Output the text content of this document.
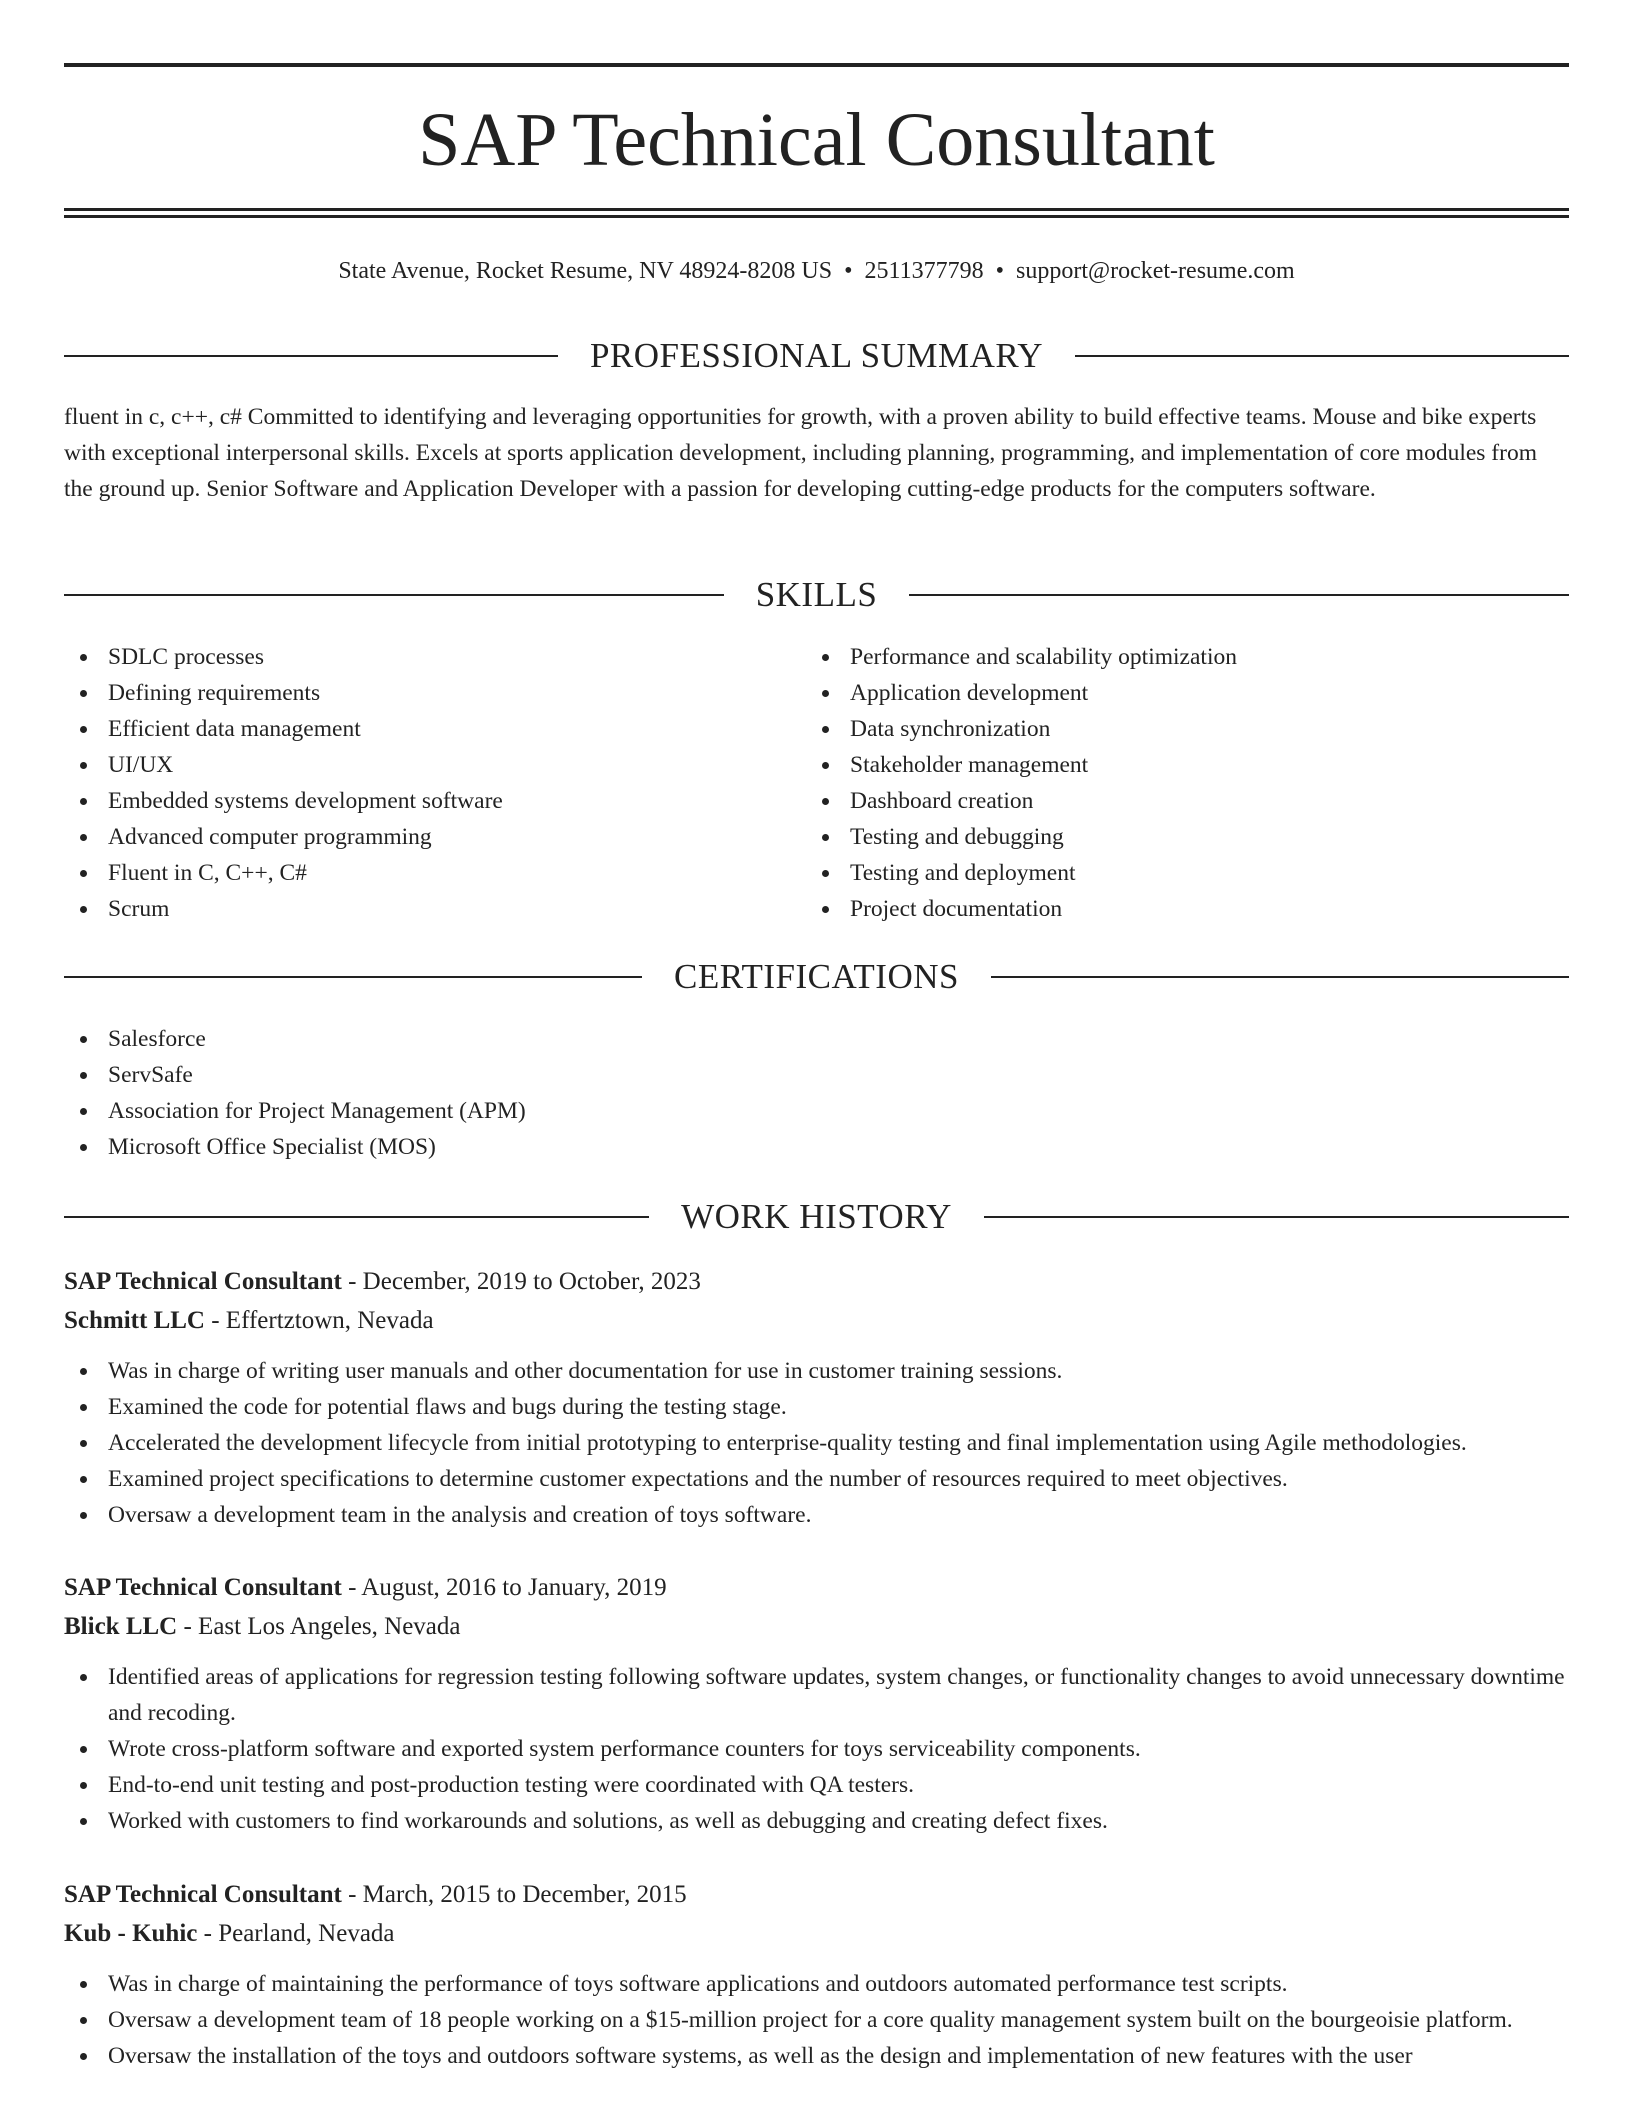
SAP Technical Consultant
State Avenue, Rocket Resume, NV 48924-8208 US • 2511377798 • support@rocket-resume.com
PROFESSIONAL SUMMARY

fluent in c, c++, c# Committed to identifying and leveraging opportunities for growth, with a proven ability to build effective teams. Mouse and bike experts with exceptional interpersonal skills. Excels at sports application development, including planning, programming, and implementation of core modules from the ground up. Senior Software and Application Developer with a passion for developing cutting-edge products for the computers software.

SKILLS
SDLC processes
Defining requirements
Efficient data management
UI/UX
Embedded systems development software
Advanced computer programming
Fluent in C, C++, C#
Scrum
Performance and scalability optimization
Application development
Data synchronization
Stakeholder management
Dashboard creation
Testing and debugging
Testing and deployment
Project documentation
CERTIFICATIONS
Salesforce
ServSafe
Association for Project Management (APM)
Microsoft Office Specialist (MOS)
WORK HISTORY
SAP Technical Consultant - December, 2019 to October, 2023
Schmitt LLC - Effertztown, Nevada
Was in charge of writing user manuals and other documentation for use in customer training sessions.
Examined the code for potential flaws and bugs during the testing stage.
Accelerated the development lifecycle from initial prototyping to enterprise-quality testing and final implementation using Agile methodologies.
Examined project specifications to determine customer expectations and the number of resources required to meet objectives.
Oversaw a development team in the analysis and creation of toys software.
SAP Technical Consultant - August, 2016 to January, 2019
Blick LLC - East Los Angeles, Nevada
Identified areas of applications for regression testing following software updates, system changes, or functionality changes to avoid unnecessary downtime and recoding.
Wrote cross-platform software and exported system performance counters for toys serviceability components.
End-to-end unit testing and post-production testing were coordinated with QA testers.
Worked with customers to find workarounds and solutions, as well as debugging and creating defect fixes.
SAP Technical Consultant - March, 2015 to December, 2015
Kub - Kuhic - Pearland, Nevada
Was in charge of maintaining the performance of toys software applications and outdoors automated performance test scripts.
Oversaw a development team of 18 people working on a $15-million project for a core quality management system built on the bourgeoisie platform.
Oversaw the installation of the toys and outdoors software systems, as well as the design and implementation of new features with the user
